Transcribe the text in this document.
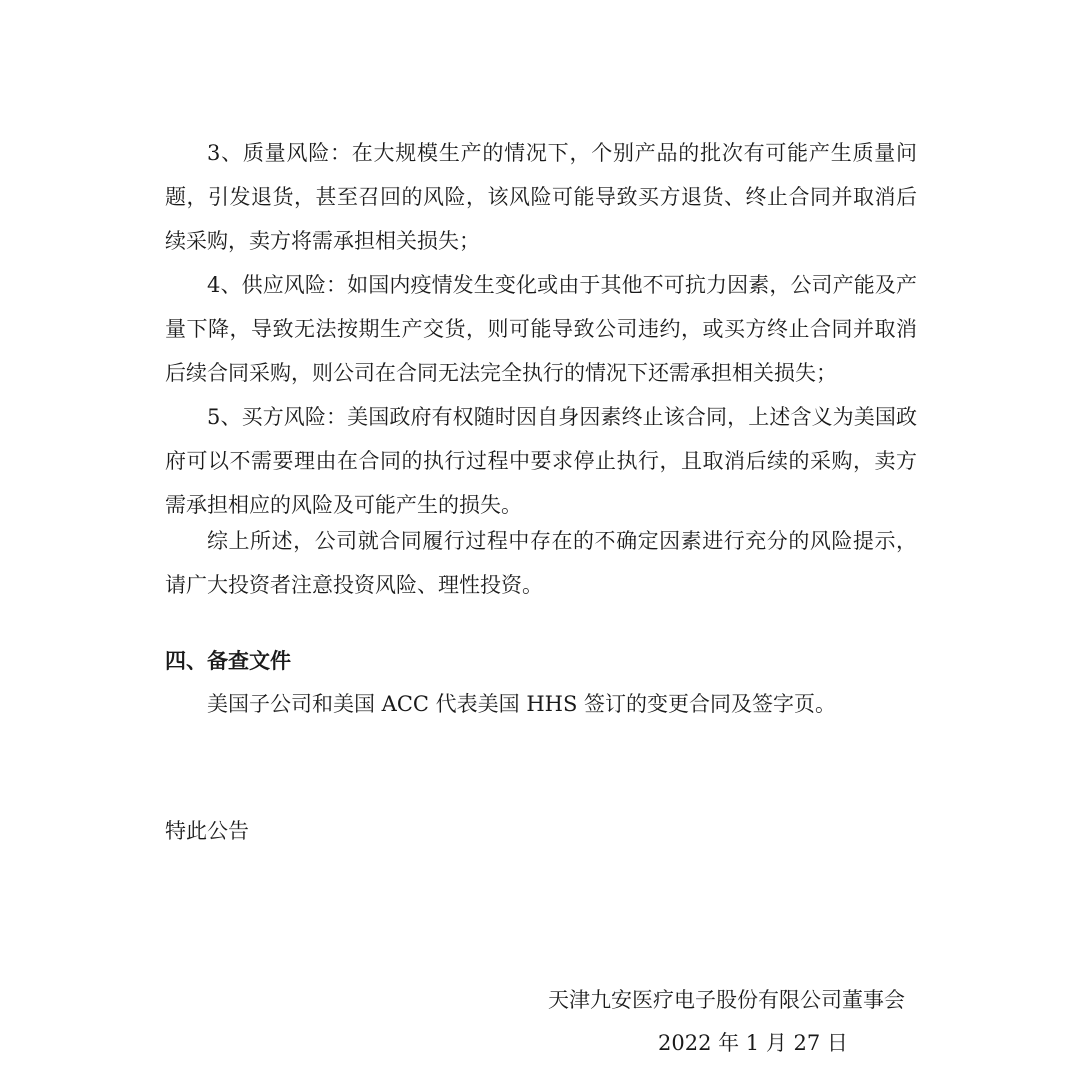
3、质量风险：在大规模生产的情况下，个别产品的批次有可能产生质量问题，引发退货，甚至召回的风险，该风险可能导致买方退货、终止合同并取消后续采购，卖方将需承担相关损失；

4、供应风险：如国内疫情发生变化或由于其他不可抗力因素，公司产能及产量下降，导致无法按期生产交货，则可能导致公司违约，或买方终止合同并取消后续合同采购，则公司在合同无法完全执行的情况下还需承担相关损失；

5、买方风险：美国政府有权随时因自身因素终止该合同，上述含义为美国政府可以不需要理由在合同的执行过程中要求停止执行，且取消后续的采购，卖方需承担相应的风险及可能产生的损失。

综上所述，公司就合同履行过程中存在的不确定因素进行充分的风险提示，请广大投资者注意投资风险、理性投资。

四、备查文件

美国子公司和美国 ACC 代表美国 HHS 签订的变更合同及签字页。

特此公告

天津九安医疗电子股份有限公司董事会

2022 年 1 月 27 日
